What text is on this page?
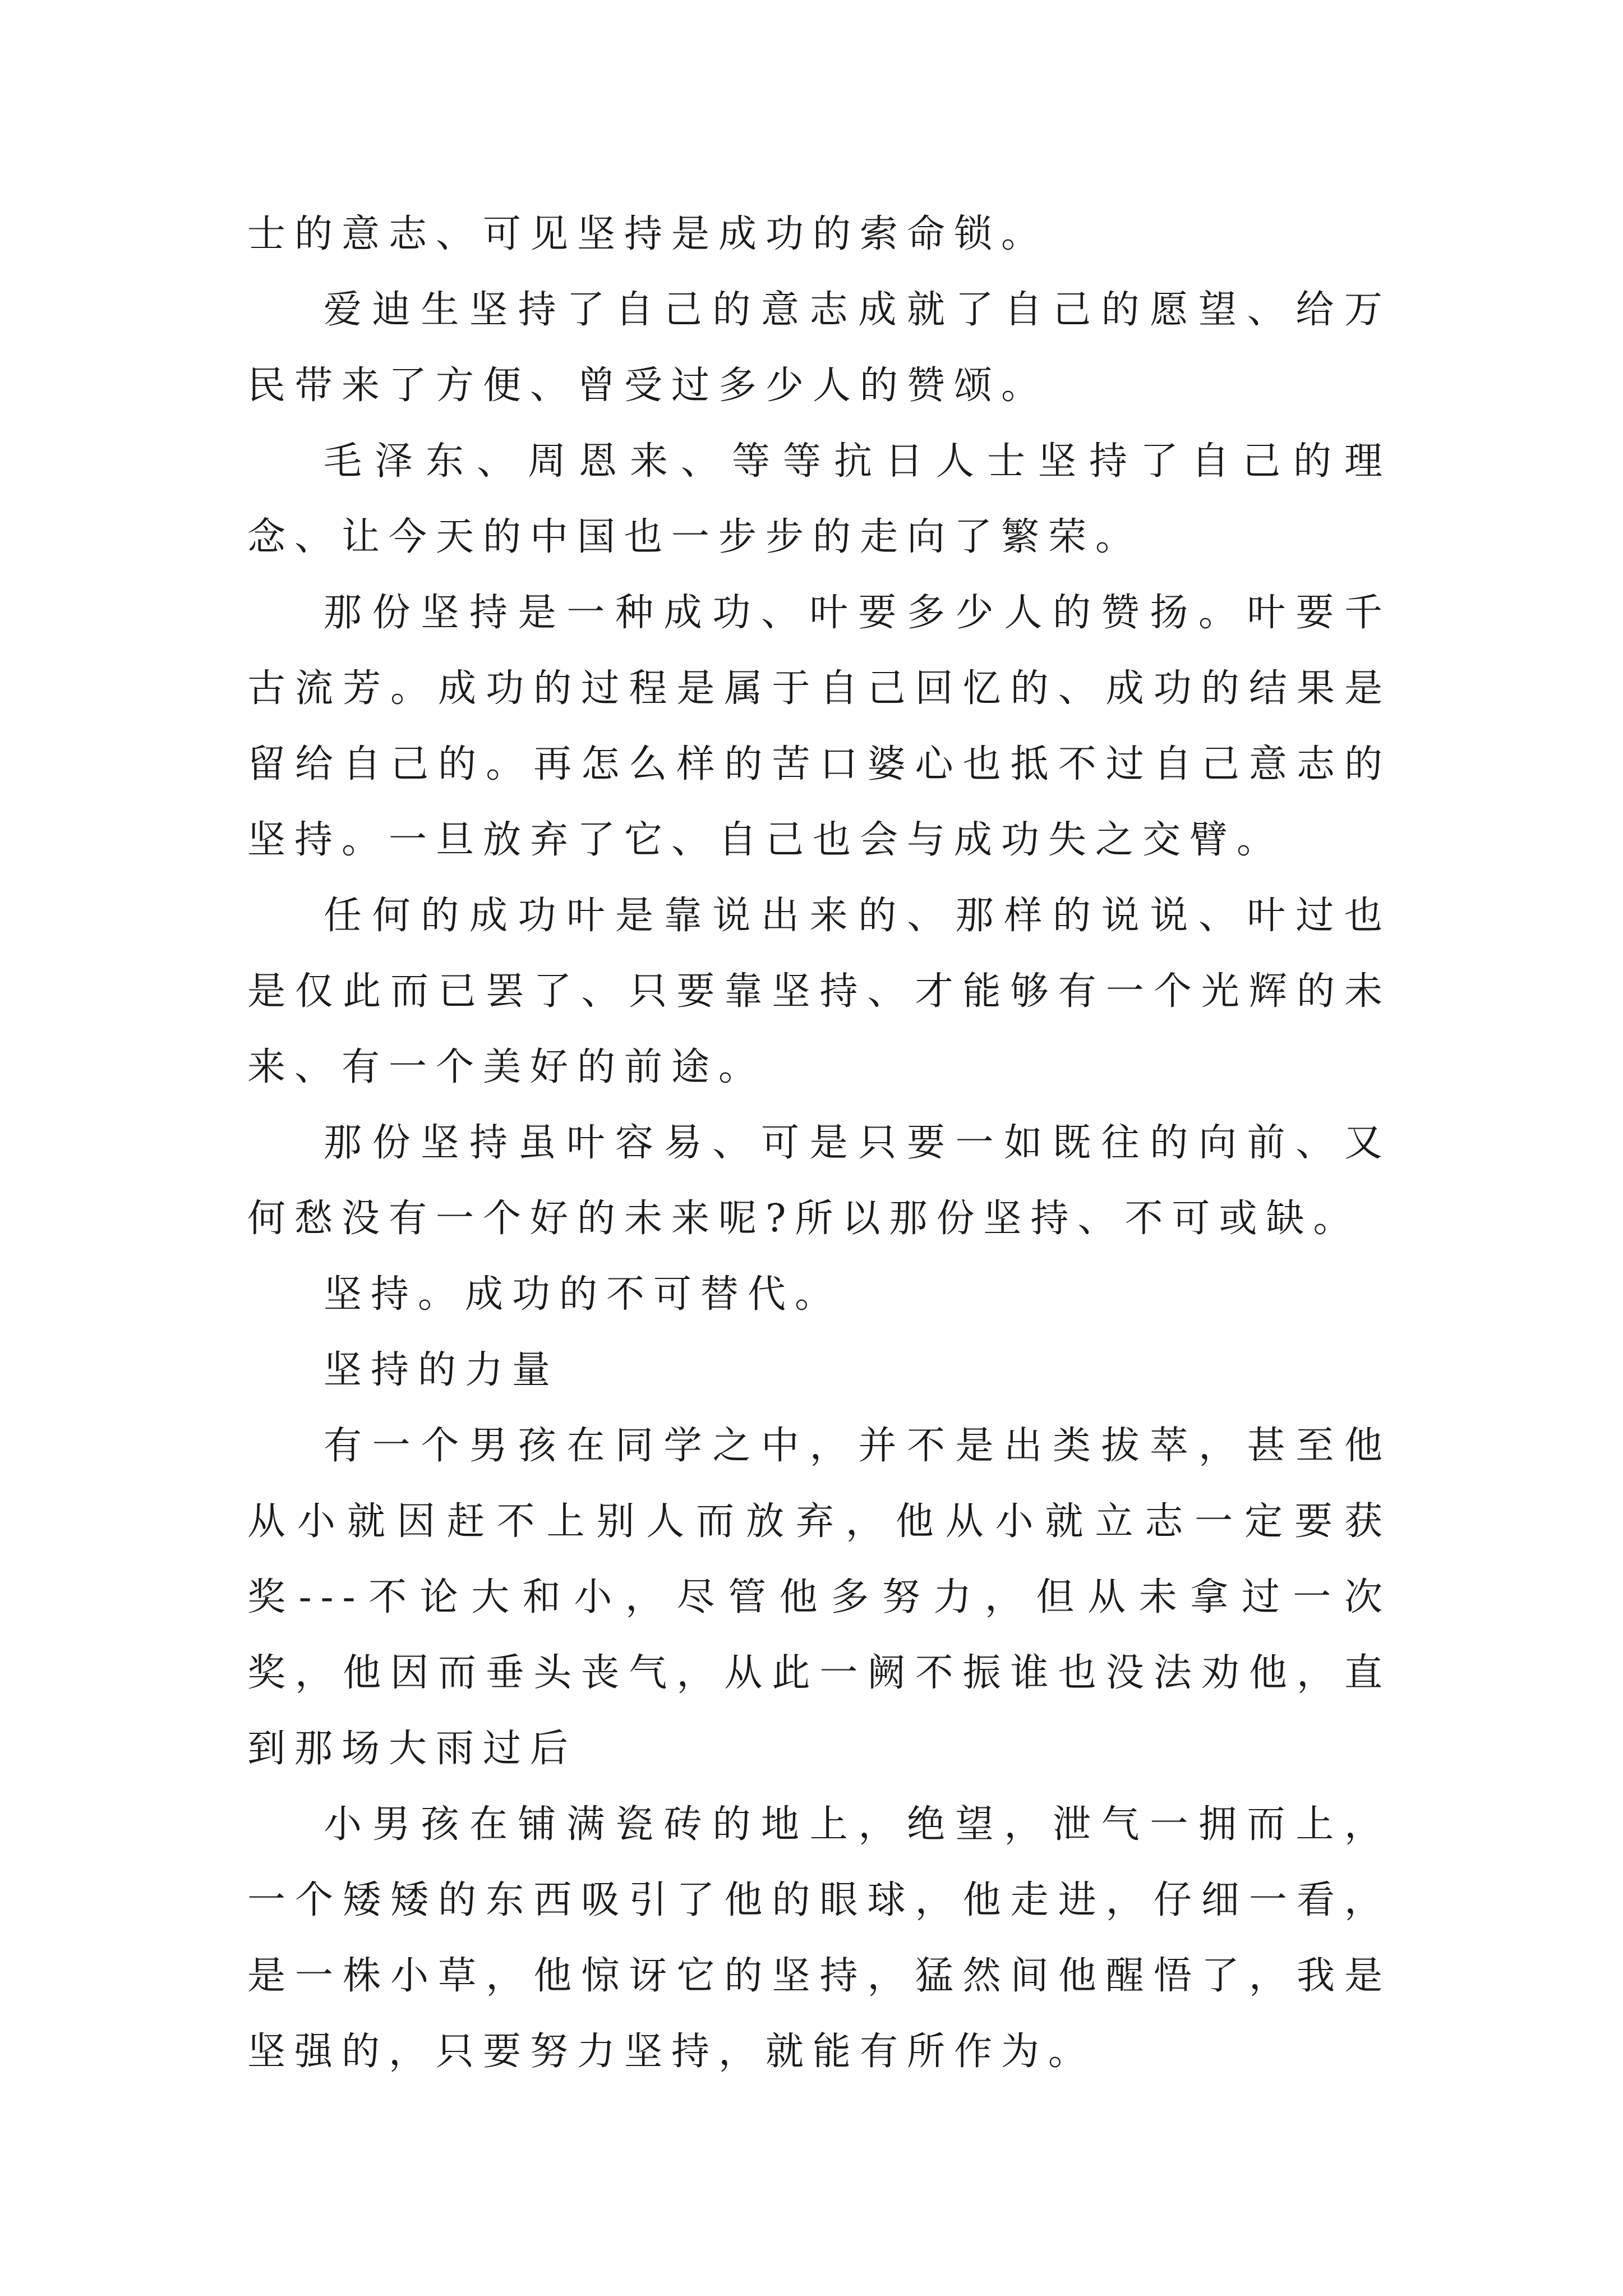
士的意志、可见坚持是成功的索命锁。

爱迪生坚持了自己的意志成就了自己的愿望、给万民带来了方便、曾受过多少人的赞颂。

毛泽东、周恩来、等等抗日人士坚持了自己的理念、让今天的中国也一步步的走向了繁荣。

那份坚持是一种成功、叶要多少人的赞扬。叶要千古流芳。成功的过程是属于自己回忆的、成功的结果是留给自己的。再怎么样的苦口婆心也抵不过自己意志的坚持。一旦放弃了它、自己也会与成功失之交臂。

任何的成功叶是靠说出来的、那样的说说、叶过也是仅此而已罢了、只要靠坚持、才能够有一个光辉的未来、有一个美好的前途。

那份坚持虽叶容易、可是只要一如既往的向前、又何愁没有一个好的未来呢?所以那份坚持、不可或缺。

坚持。成功的不可替代。

坚持的力量

有一个男孩在同学之中，并不是出类拔萃，甚至他从小就因赶不上别人而放弃，他从小就立志一定要获奖---不论大和小，尽管他多努力，但从未拿过一次奖，他因而垂头丧气，从此一阙不振谁也没法劝他，直到那场大雨过后

小男孩在铺满瓷砖的地上，绝望，泄气一拥而上，一个矮矮的东西吸引了他的眼球，他走进，仔细一看，是一株小草，他惊讶它的坚持，猛然间他醒悟了，我是坚强的，只要努力坚持，就能有所作为。
